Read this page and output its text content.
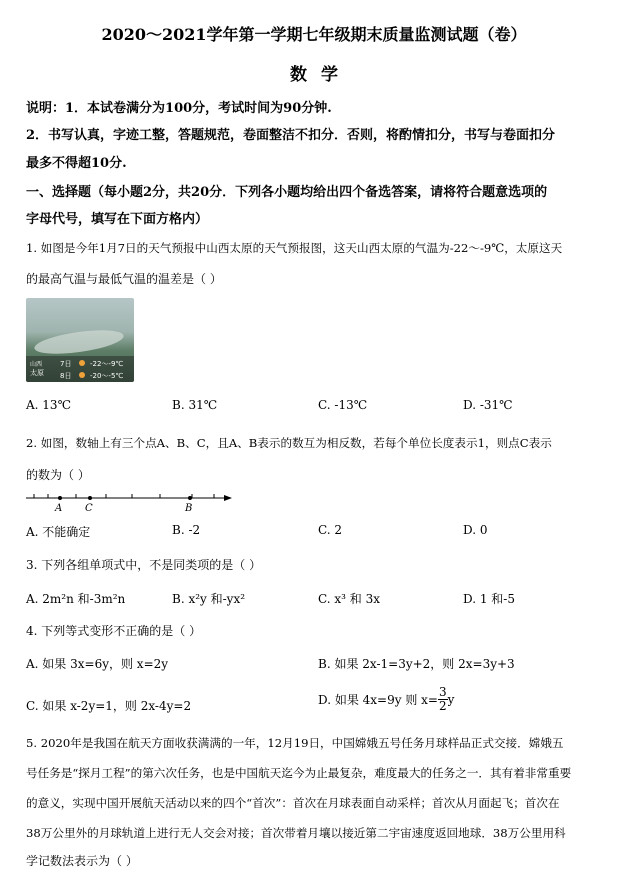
2020～2021学年第一学期七年级期末质量监测试题（卷）
数学
说明：1．本试卷满分为100分，考试时间为90分钟.
2．书写认真，字迹工整，答题规范，卷面整洁不扣分．否则，将酌情扣分，书写与卷面扣分
最多不得超10分.
一、选择题（每小题2分，共20分．下列各小题均给出四个备选答案，请将符合题意选项的
字母代号，填写在下面方格内）
1. 如图是今年1月7日的天气预报中山西太原的天气预报图，这天山西太原的气温为-22～-9℃，太原这天
的最高气温与最低气温的温差是（ ）
山西
太原
7日	-22～-9℃
8日	-20～-5℃
A. 13℃	B. 31℃	C. -13℃	D. -31℃
2. 如图，数轴上有三个点A、B、C，且A、B表示的数互为相反数，若每个单位长度表示1，则点C表示
的数为（ ）
A C	B
A. 不能确定	B. -2	C. 2	D. 0
3. 下列各组单项式中，不是同类项的是（ ）
A. 2m²n 和-3m²n	B. x²y 和-yx²	C. x³ 和 3x	D. 1 和-5
4. 下列等式变形不正确的是（ ）
A. 如果 3x=6y，则 x=2y	B. 如果 2x-1=3y+2，则 2x=3y+3
C. 如果 x-2y=1，则 2x-4y=2	D. 如果 4x=9y 则 $x= \frac{3}{2}$ y
5. 2020年是我国在航天方面收获满满的一年，12月19日，中国嫦娥五号任务月球样品正式交接．嫦娥五
号任务是“探月工程”的第六次任务，也是中国航天迄今为止最复杂，难度最大的任务之一．其有着非常重要
的意义，实现中国开展航天活动以来的四个“首次”：首次在月球表面自动采样；首次从月面起飞；首次在
38万公里外的月球轨道上进行无人交会对接；首次带着月壤以接近第二宇宙速度返回地球．38万公里用科
学记数法表示为（ ）
